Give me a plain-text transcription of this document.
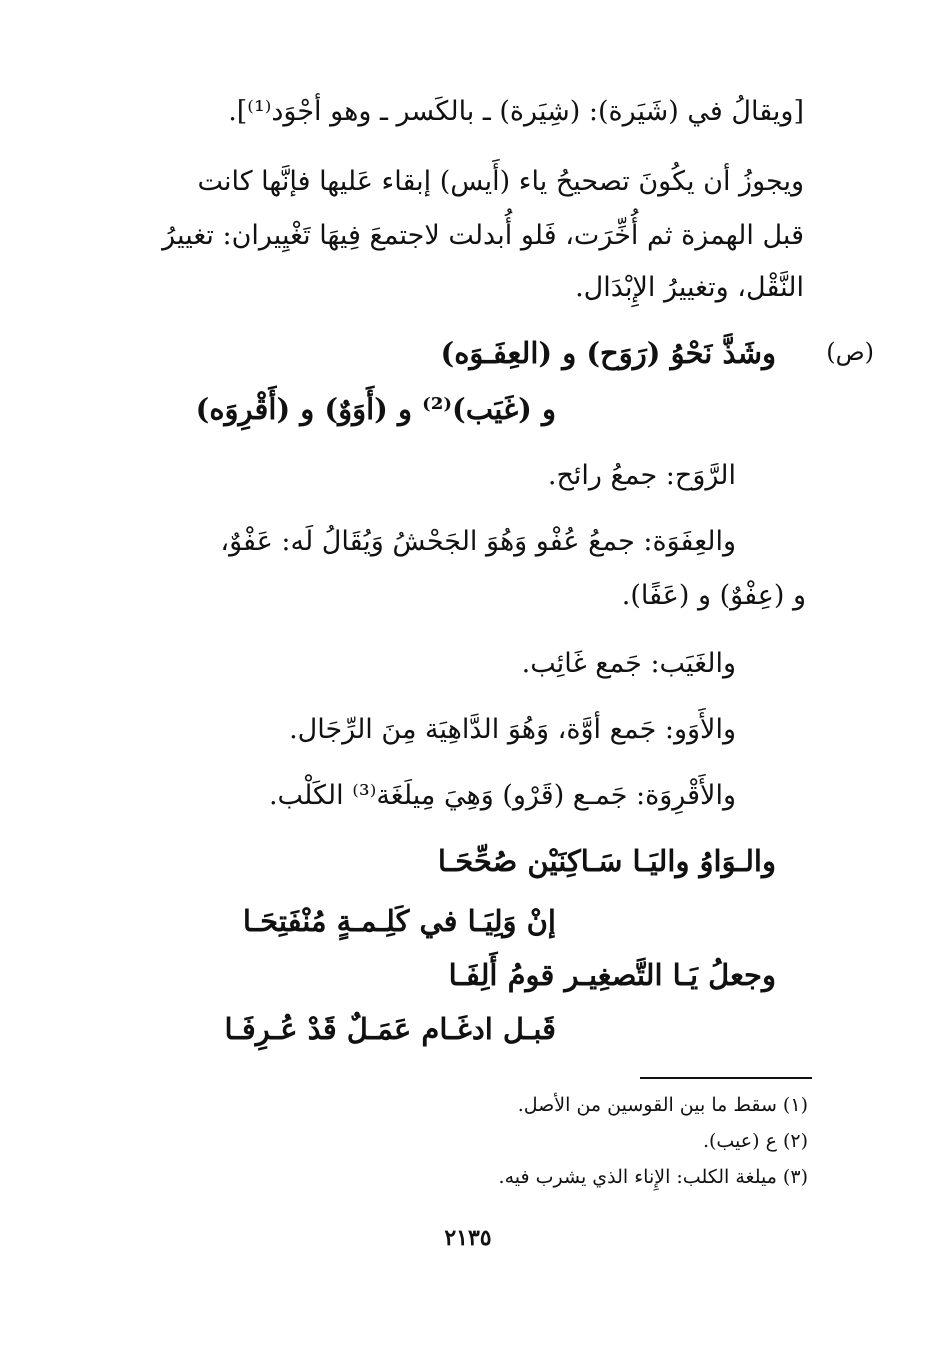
[ويقالُ في (شَيَرة): (شِيَرة) ـ بالكَسر ـ وهو أجْوَد⁽¹⁾].
ويجوزُ أن يكُونَ تصحيحُ ياء (أَيس) إبقاء عَليها فإنَّها كانت
قبل الهمزة ثم أُخِّرَت، فَلو أُبدلت لاجتمعَ فِيهَا تَغْيِيران: تغييرُ
النَّقْل، وتغييرُ الإِبْدَال.
(ص)
وشَذَّ نَحْوُ (رَوَح) و (العِفَـوَه)
و (غَيَب)⁽²⁾ و (أَوَوٌ) و (أَقْرِوَه)
الرَّوَح: جمعُ رائح.
والعِفَوَة: جمعُ عُفْو وَهُوَ الجَحْشُ وَيُقَالُ لَه: عَفْوٌ،
و (عِفْوٌ) و (عَفًا).
والغَيَب: جَمع غَائِب.
والأَوَو: جَمع أوَّة، وَهُوَ الدَّاهِيَة مِنَ الرِّجَال.
والأَقْرِوَة: جَمـع (قَرْو) وَهِيَ مِيلَغَة⁽³⁾ الكَلْب.
والـوَاوُ واليَـا سَـاكِنَيْن صُحِّحَـا
إنْ وَلِيَـا في كَلِـمـةٍ مُنْفَتِحَـا
وجعلُ يَـا التَّصغِيـر قومُ أَلِفَـا
قَبـل ادغَـام عَمَـلٌ قَدْ عُـرِفَـا
(١) سقط ما بين القوسين من الأصل.
(٢) ع (عيب).
(٣) ميلغة الكلب: الإِناء الذي يشرب فيه.
٢١٣٥
